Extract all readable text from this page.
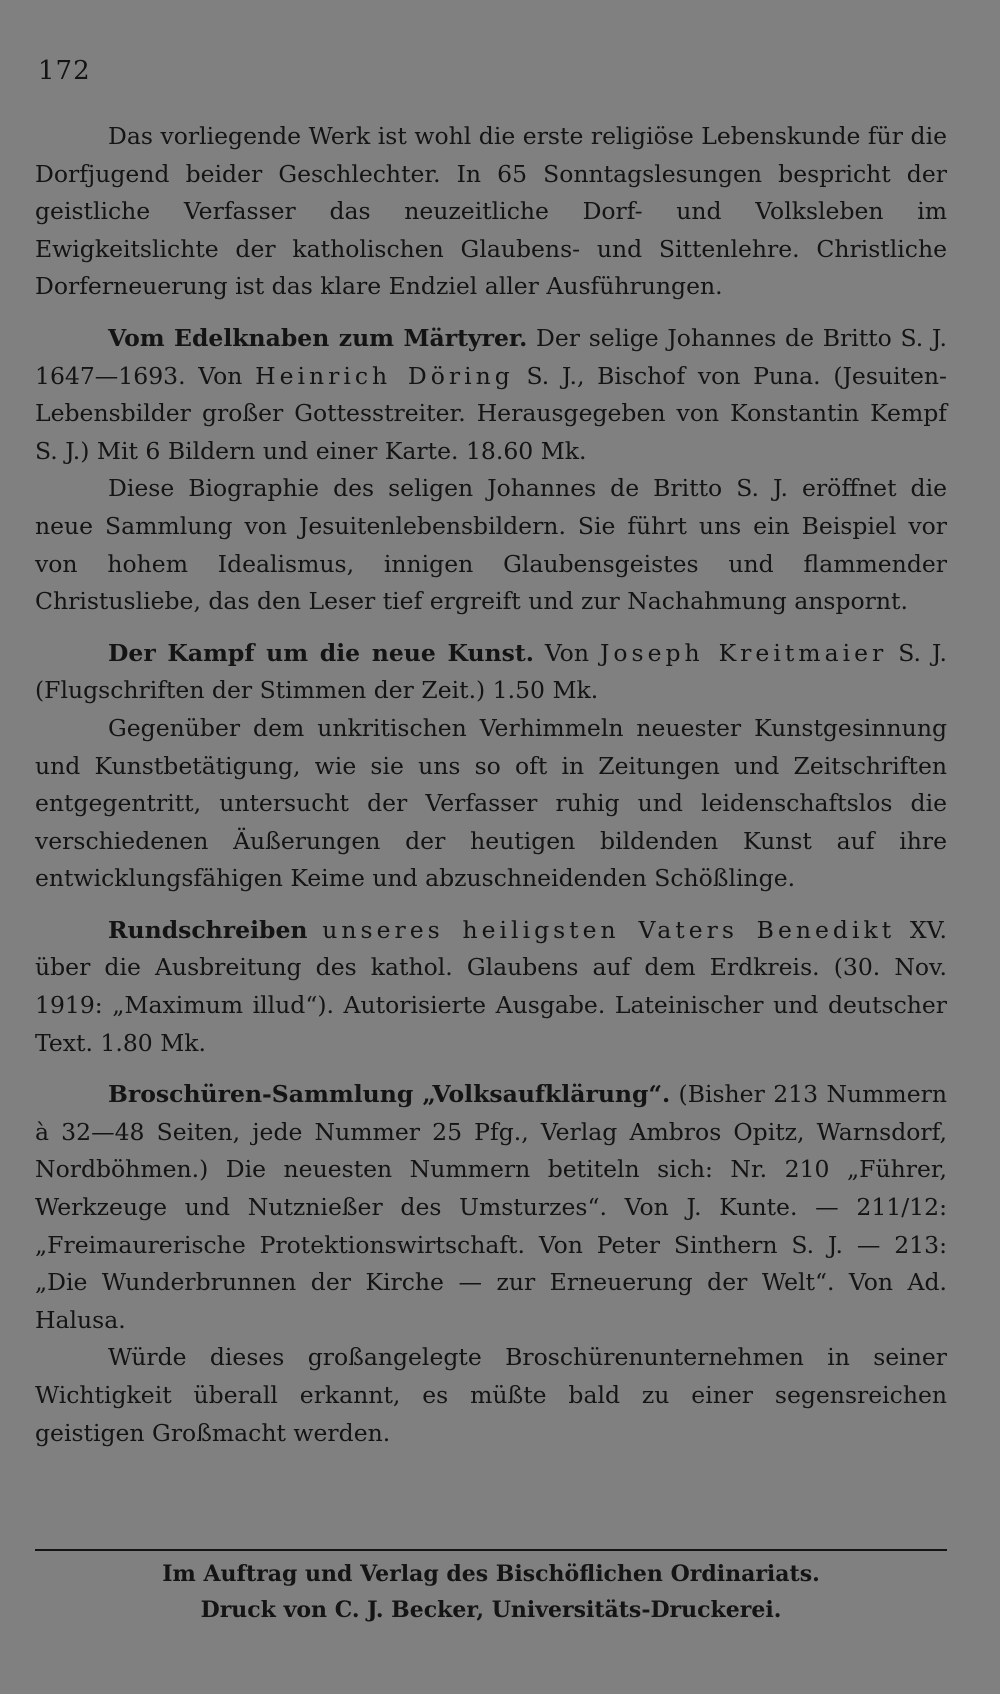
172

Das vorliegende Werk ist wohl die erste religiöse Lebenskunde für die Dorfjugend beider Geschlechter. In 65 Sonntagslesungen bespricht der geistliche Verfasser das neuzeitliche Dorf- und Volksleben im Ewigkeitslichte der katholischen Glaubens- und Sittenlehre. Christliche Dorferneuerung ist das klare Endziel aller Ausführungen.

Vom Edelknaben zum Märtyrer. Der selige Johannes de Britto S. J. 1647—1693. Von Heinrich Döring S. J., Bischof von Puna. (Jesuiten-Lebensbilder großer Gottesstreiter. Herausgegeben von Konstantin Kempf S. J.) Mit 6 Bildern und einer Karte. 18.60 Mk.

Diese Biographie des seligen Johannes de Britto S. J. eröffnet die neue Sammlung von Jesuitenlebensbildern. Sie führt uns ein Beispiel vor von hohem Idealismus, innigen Glaubensgeistes und flammender Christusliebe, das den Leser tief ergreift und zur Nachahmung anspornt.

Der Kampf um die neue Kunst. Von Joseph Kreitmaier S. J. (Flugschriften der Stimmen der Zeit.) 1.50 Mk.

Gegenüber dem unkritischen Verhimmeln neuester Kunstgesinnung und Kunstbetätigung, wie sie uns so oft in Zeitungen und Zeitschriften entgegentritt, untersucht der Verfasser ruhig und leidenschaftslos die verschiedenen Äußerungen der heutigen bildenden Kunst auf ihre entwicklungsfähigen Keime und abzuschneidenden Schößlinge.

Rundschreiben unseres heiligsten Vaters Benedikt XV. über die Ausbreitung des kathol. Glaubens auf dem Erdkreis. (30. Nov. 1919: „Maximum illud“). Autorisierte Ausgabe. Lateinischer und deutscher Text. 1.80 Mk.

Broschüren-Sammlung „Volksaufklärung“. (Bisher 213 Nummern à 32—48 Seiten, jede Nummer 25 Pfg., Verlag Ambros Opitz, Warnsdorf, Nordböhmen.) Die neuesten Nummern betiteln sich: Nr. 210 „Führer, Werkzeuge und Nutznießer des Umsturzes“. Von J. Kunte. — 211/12: „Freimaurerische Protektionswirtschaft. Von Peter Sinthern S. J. — 213: „Die Wunderbrunnen der Kirche — zur Erneuerung der Welt“. Von Ad. Halusa.

Würde dieses großangelegte Broschürenunternehmen in seiner Wichtigkeit überall erkannt, es müßte bald zu einer segensreichen geistigen Großmacht werden.

Im Auftrag und Verlag des Bischöflichen Ordinariats.
Druck von C. J. Becker, Universitäts-Druckerei.
